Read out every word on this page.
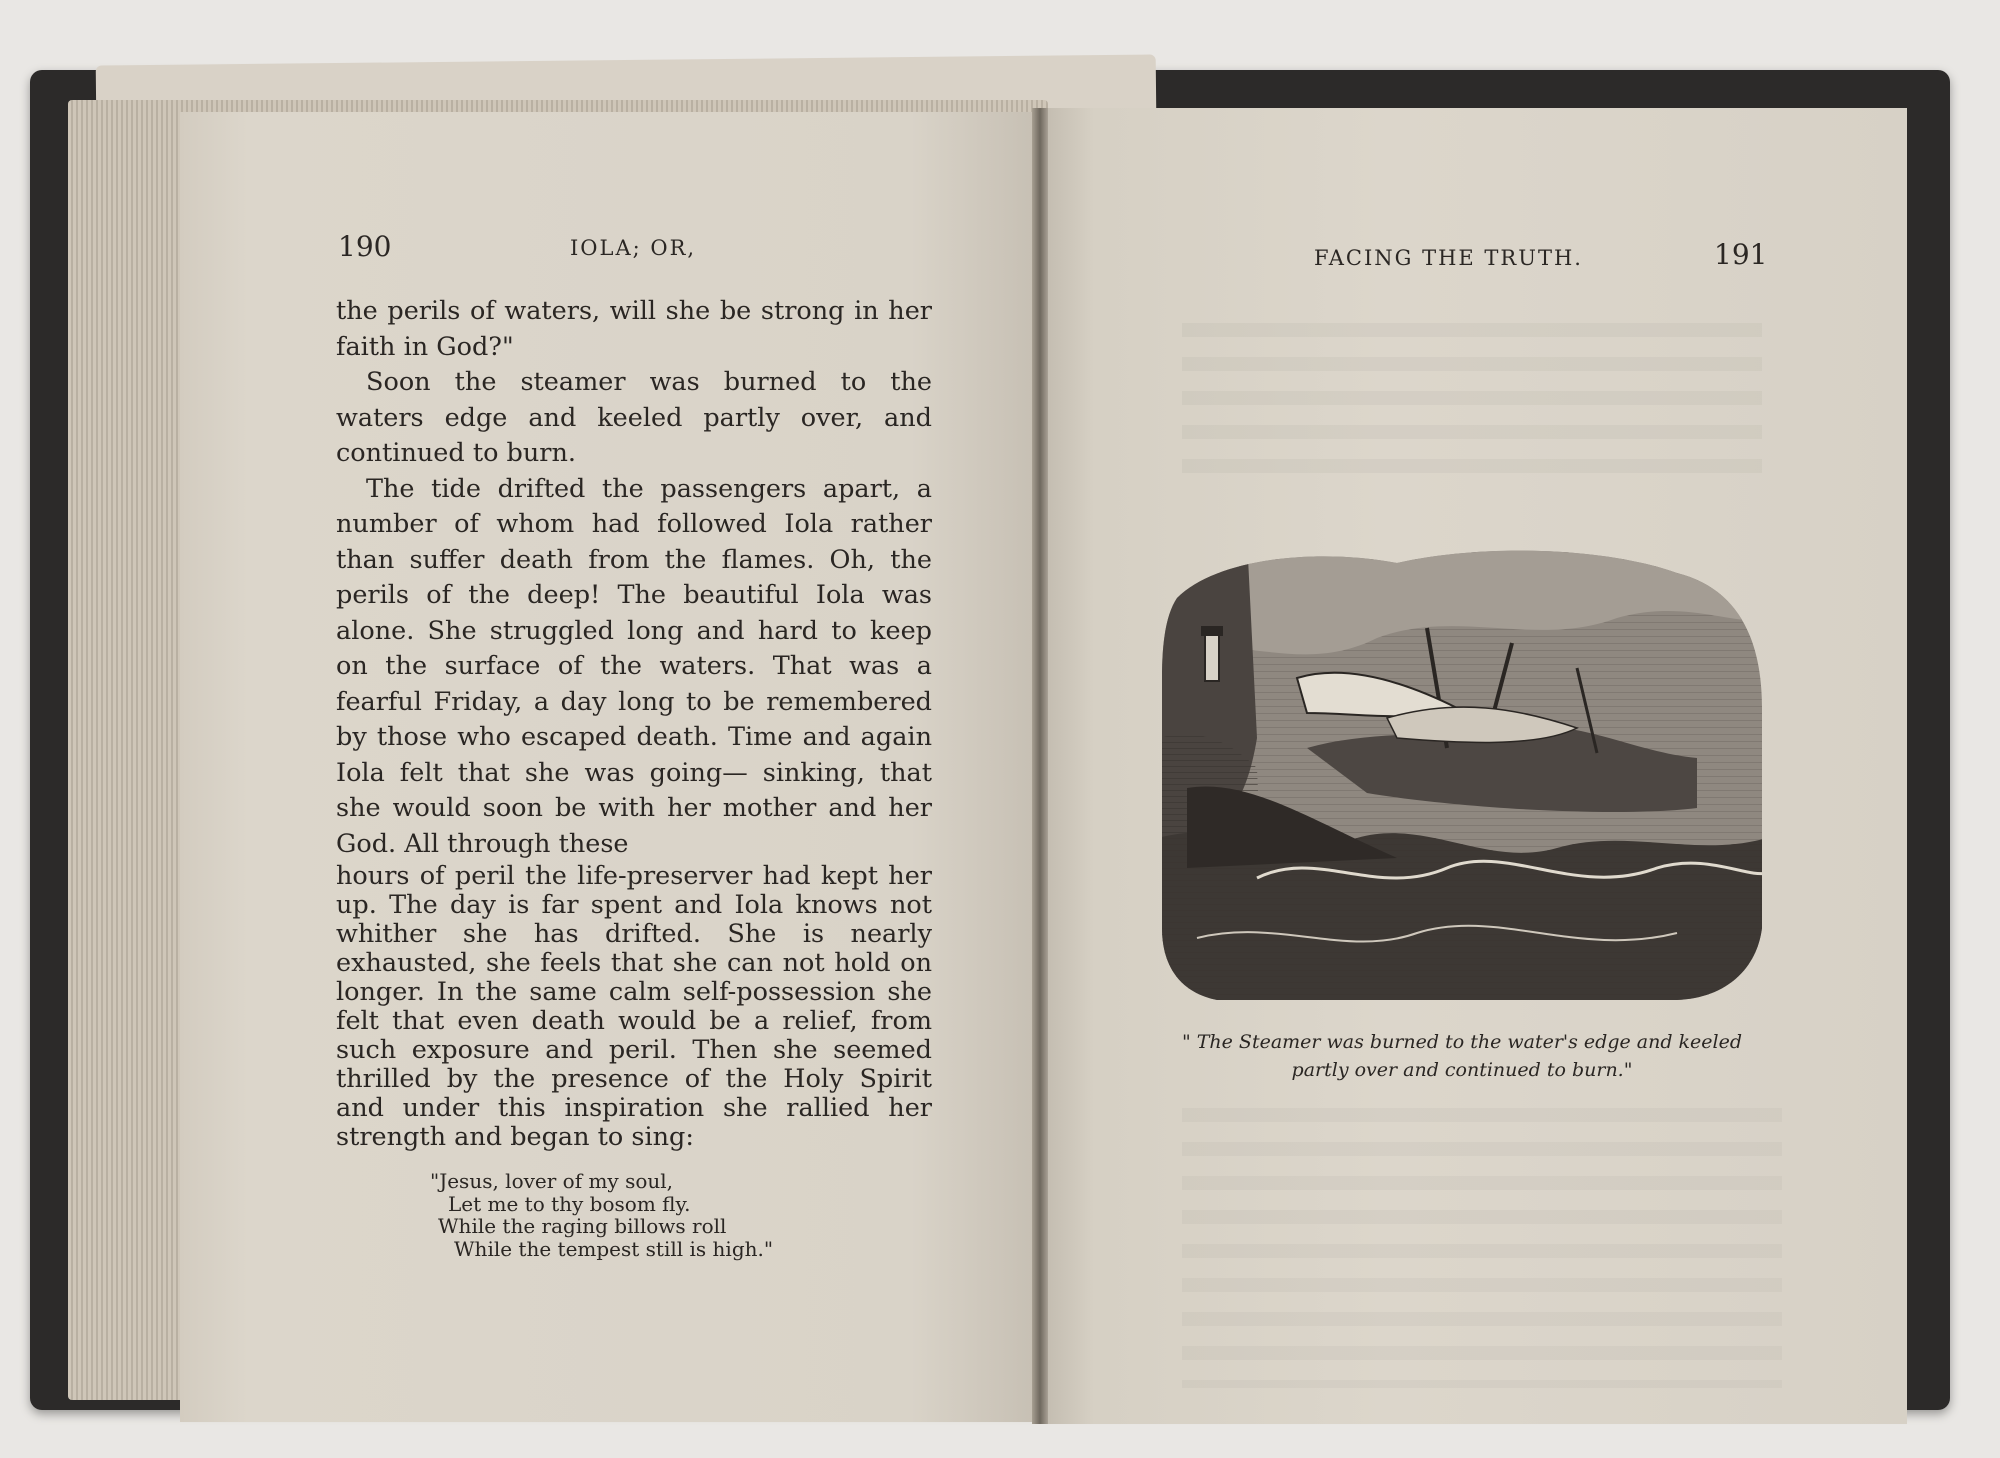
190	IOLA; OR,

the perils of waters, will she be strong in her faith in God?"

Soon the steamer was burned to the waters edge and keeled partly over, and continued to burn.

The tide drifted the passengers apart, a number of whom had followed Iola rather than suffer death from the flames. Oh, the perils of the deep! The beautiful Iola was alone. She struggled long and hard to keep on the surface of the waters. That was a fearful Friday, a day long to be remembered by those who escaped death. Time and again Iola felt that she was going— sinking, that she would soon be with her mother and her God. All through these

hours of peril the life-preserver had kept her up. The day is far spent and Iola knows not whither she has drifted. She is nearly exhausted, she feels that she can not hold on longer. In the same calm self-possession she felt that even death would be a relief, from such exposure and peril. Then she seemed thrilled by the presence of the Holy Spirit and under this inspiration she rallied her strength and began to sing:

"Jesus, lover of my soul,
Let me to thy bosom fly.
While the raging billows roll
While the tempest still is high."
FACING THE TRUTH.	191
" The Steamer was burned to the water's edge and keeled
partly over and continued to burn."
